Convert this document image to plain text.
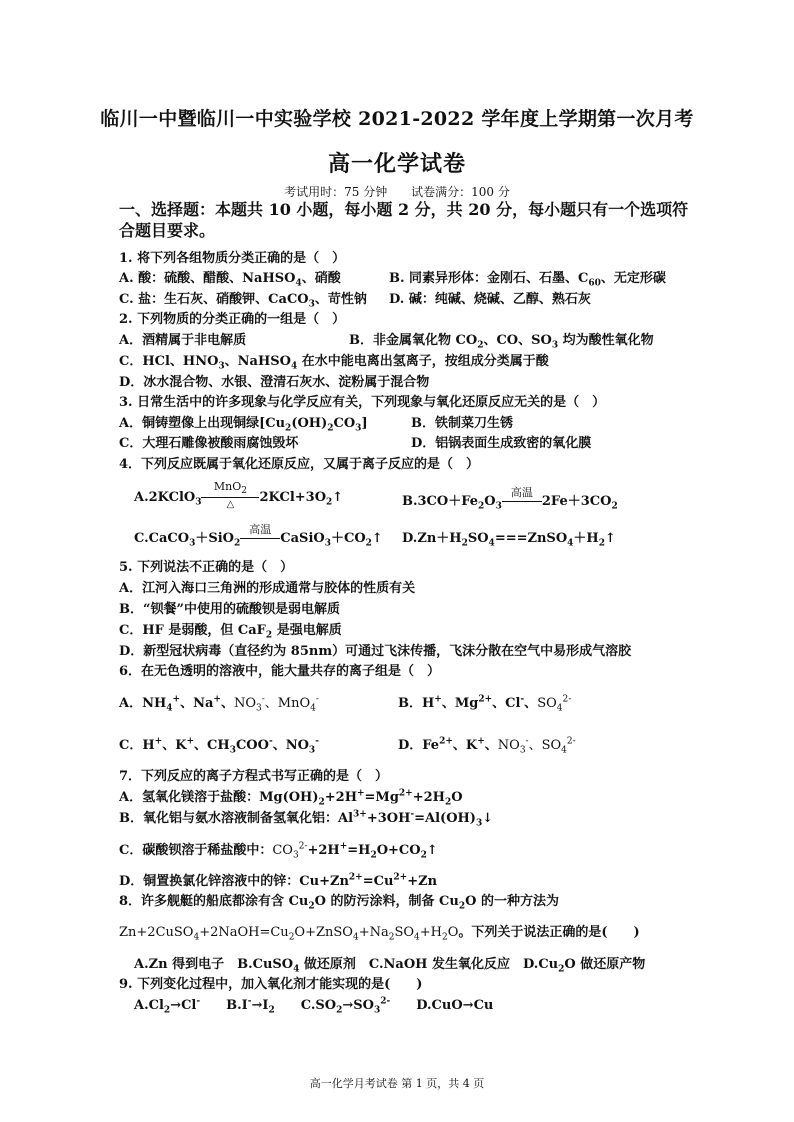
临川一中暨临川一中实验学校 2021-2022 学年度上学期第一次月考
高一化学试卷
考试用时：75 分钟 试卷满分：100 分
一、选择题：本题共 10 小题，每小题 2 分，共 20 分，每小题只有一个选项符合题目要求。
1. 将下列各组物质分类正确的是（　）
A. 酸：硫酸、醋酸、NaHSO$_4$、硝酸	B. 同素异形体：金刚石、石墨、$C_{60}$、无定形碳
C. 盐：生石灰、硝酸钾、CaCO$_3$、苛性钠 D. 碱：纯碱、烧碱、乙醇、熟石灰
2. 下列物质的分类正确的一组是（　）
A．酒精属于非电解质	B．非金属氧化物 $CO_2$、CO、$SO_3$ 均为酸性氧化物
C．HCl、$HNO_3$、NaHSO$_4$ 在水中能电离出氢离子，按组成分类属于酸
D．冰水混合物、水银、澄清石灰水、淀粉属于混合物
3. 日常生活中的许多现象与化学反应有关，下列现象与氧化还原反应无关的是（　）
A．铜铸塑像上出现铜绿$[Cu_2(OH)_2CO_3]$	B．铁制菜刀生锈
C．大理石雕像被酸雨腐蚀毁坏	D．铝锅表面生成致密的氧化膜
4．下列反应既属于氧化还原反应，又属于离子反应的是（　）
A.2KClO$_3$
MnO$_2$
△	$2KCl+3O_2↑$	$B.3CO+Fe_2O_3$
高温
$2Fe+3CO_2$
C.CaCO$_3$＋SiO$_2$
高温
$CaSiO_3+CO_2↑$ $D.Zn+H_2SO_4===ZnSO_4+H_2↑$
5. 下列说法不正确的是（　）
A．江河入海口三角洲的形成通常与胶体的性质有关
B．“钡餐”中使用的硫酸钡是弱电解质
C．HF 是弱酸，但 CaF$_2$ 是强电解质
D．新型冠状病毒（直径约为 85nm）可通过飞沫传播，飞沫分散在空气中易形成气溶胶
6．在无色透明的溶液中，能大量共存的离子组是（　）
A．$NH_4^+$、Na+、$NO_3^-$、MnO$_4$-	B．H+、$Mg^{2+}$、Cl-、$SO_4^{2-}$
C．H+、K+、$CH_3COO^-$、$NO_3^-$	D．$Fe^{2+}$、K+、$NO_3^-$、$SO_4^{2-}$
7．下列反应的离子方程式书写正确的是（　）
A．氢氧化镁溶于盐酸：$Mg(OH)_2+2H^+=Mg^{2+}+2H_2O$
B．氧化铝与氨水溶液制备氢氧化铝：$Al^{3+}+3OH^-=Al(OH)_3↓$
C．碳酸钡溶于稀盐酸中：$CO_3^{2-}+2H^+=H_2O+CO_2↑$
D．铜置换氯化锌溶液中的锌：$Cu+Zn^{2+}=Cu^{2+}+Zn$
8．许多舰艇的船底都涂有含 $Cu_2O$ 的防污涂料，制备 $Cu_2O$ 的一种方法为
$Zn+2CuSO_4+2NaOH=Cu_2O+ZnSO_4+Na_2SO_4+H_2O$。下列关于说法正确的是(　　)
A.Zn 得到电子　B.CuSO$_4$ 做还原剂　C.NaOH 发生氧化反应　$D.Cu_2O$ 做还原产物
9. 下列变化过程中，加入氧化剂才能实现的是(　　)
$A.Cl_2\to Cl^-$　　$B.I^-\to I_2$　　$C.SO_2\to SO_3^{2-}$　　D.CuO→Cu
高一化学月考试卷 第 1 页，共 4 页
